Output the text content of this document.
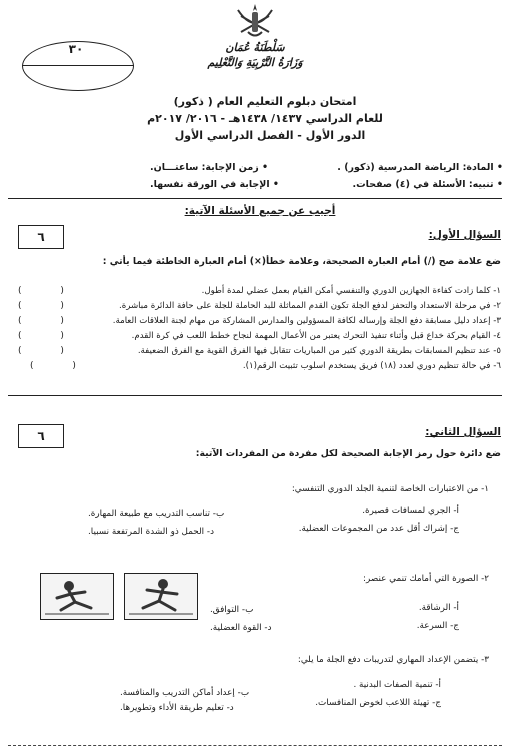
سَلْطَنَةُ عُمَان
وَزَارَةُ التَّرْبِيَةِ وَالتَّعْلِيم
٣٠
امتحان دبلوم التعليم العام ( ذكور)
للعام الدراسي ١٤٣٧/ ١٤٣٨هـ - ٢٠١٦/ ٢٠١٧م
الدور الأول - الفصل الدراسي الأول
• المادة: الرياضة المدرسية (ذكور) .
• زمن الإجابة: ساعتـــان.
• تنبيه: الأسئلة في (٤) صفحات.
• الإجابة في الورقة نفسها.
أجيب عن جميع الأسئلة الآتية:
٦	السؤال الأول:
ضع علامة صح (/) أمام العبارة الصحيحة، وعلامة خطأ(×) أمام العبارة الخاطئة فيما يأتي :
١- كلما زادت كفاءة الجهازين الدوري والتنفسي أمكن القيام بعمل عضلي لمدة أطول.
( )
٢- في مرحلة الاستعداد والتحفز لدفع الجلة تكون القدم المماثلة للبد الحاملة للجلة على حافة الدائرة مباشرة.
( )
٣- إعداد دليل مسابقة دفع الجلة وإرساله لكافة المسؤولين والمدارس المشاركة من مهام لجنة العلاقات العامة.
( )
٤- القيام بحركة خداع قبل وأثناء تنفيذ التحرك يعتبر من الأعمال المهمة لنجاح خطط اللعب في كرة القدم.
( )
٥- عند تنظيم المسابقات بطريقة الدوري كثير من المباريات تتقابل فيها الفرق القوية مع الفرق الضعيفة.
( )
٦- في حالة تنظيم دوري لعدد (١٨) فريق يستخدم اسلوب تثبيت الرقم(١).
( )
٦	السؤال الثاني:
ضع دائرة حول رمز الإجابة الصحيحة لكل مفردة من المفردات الآتية:
١- من الاعتبارات الخاصة لتنمية الجلد الدوري التنفسي:
أ- الجري لمسافات قصيرة.
ب- تناسب التدريب مع طبيعة المهارة.
ج- إشراك أقل عدد من المجموعات العضلية.
د- الحمل ذو الشدة المرتفعة نسبيا.
٢- الصورة التي أمامك تنمي عنصر:
أ- الرشاقة.
ب- التوافق.
ج- السرعة.
د- القوة العضلية.
٣- يتضمن الإعداد المهاري لتدريبات دفع الجلة ما يلي:
أ- تنمية الصفات البدنية .
ب- إعداد أماكن التدريب والمنافسة.
ج- تهيئة اللاعب لخوض المنافسات.
د- تعليم طريقة الأداء وتطويرها.
